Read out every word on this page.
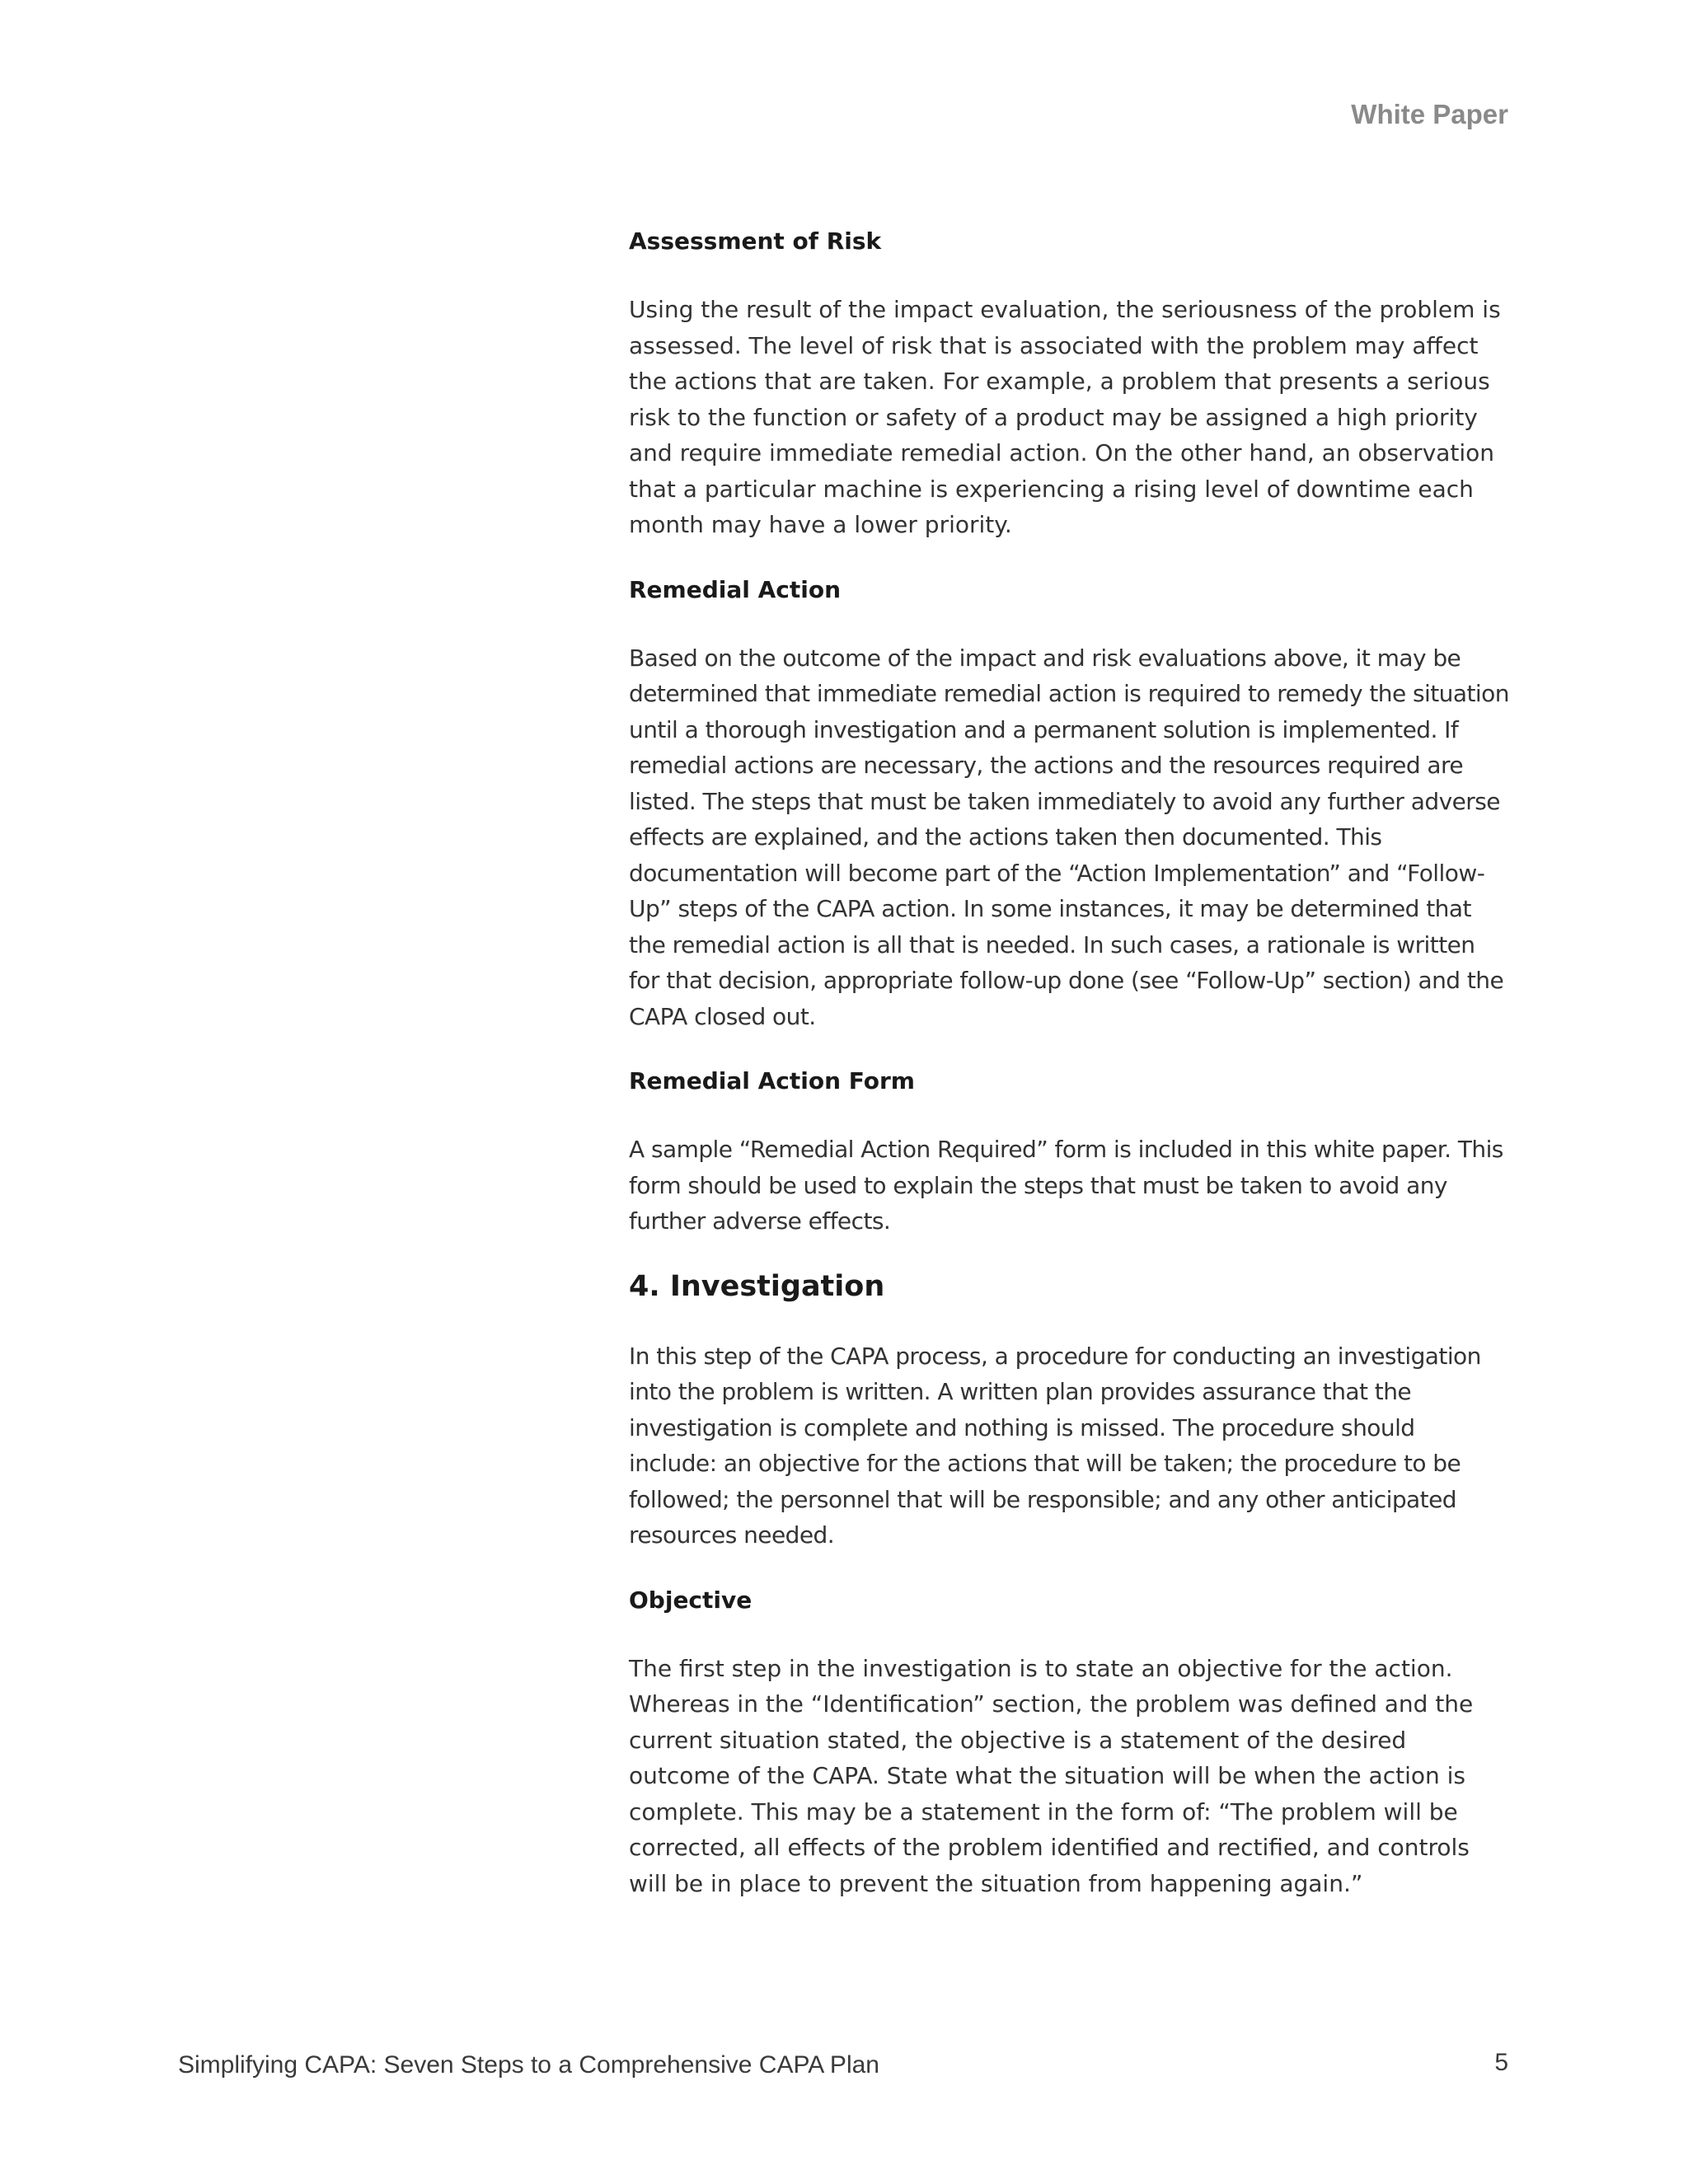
White Paper

Assessment of Risk

Using the result of the impact evaluation, the seriousness of the problem is assessed. The level of risk that is associated with the problem may affect the actions that are taken. For example, a problem that presents a serious risk to the function or safety of a product may be assigned a high priority and require immediate remedial action. On the other hand, an observation that a particular machine is experiencing a rising level of downtime each month may have a lower priority.

Remedial Action

Based on the outcome of the impact and risk evaluations above, it may be determined that immediate remedial action is required to remedy the situation until a thorough investigation and a permanent solution is implemented. If remedial actions are necessary, the actions and the resources required are listed. The steps that must be taken immediately to avoid any further adverse effects are explained, and the actions taken then documented. This documentation will become part of the “Action Implementation” and “Follow-Up” steps of the CAPA action. In some instances, it may be determined that the remedial action is all that is needed. In such cases, a rationale is written for that decision, appropriate follow-up done (see “Follow-Up” section) and the CAPA closed out.

Remedial Action Form

A sample “Remedial Action Required” form is included in this white paper. This form should be used to explain the steps that must be taken to avoid any further adverse effects.

4. Investigation

In this step of the CAPA process, a procedure for conducting an investigation into the problem is written. A written plan provides assurance that the investigation is complete and nothing is missed. The procedure should include: an objective for the actions that will be taken; the procedure to be followed; the personnel that will be responsible; and any other anticipated resources needed.

Objective

The first step in the investigation is to state an objective for the action. Whereas in the “Identification” section, the problem was defined and the current situation stated, the objective is a statement of the desired outcome of the CAPA. State what the situation will be when the action is complete. This may be a statement in the form of: “The problem will be corrected, all effects of the problem identified and rectified, and controls will be in place to prevent the situation from happening again.”

Simplifying CAPA: Seven Steps to a Comprehensive CAPA Plan	5
